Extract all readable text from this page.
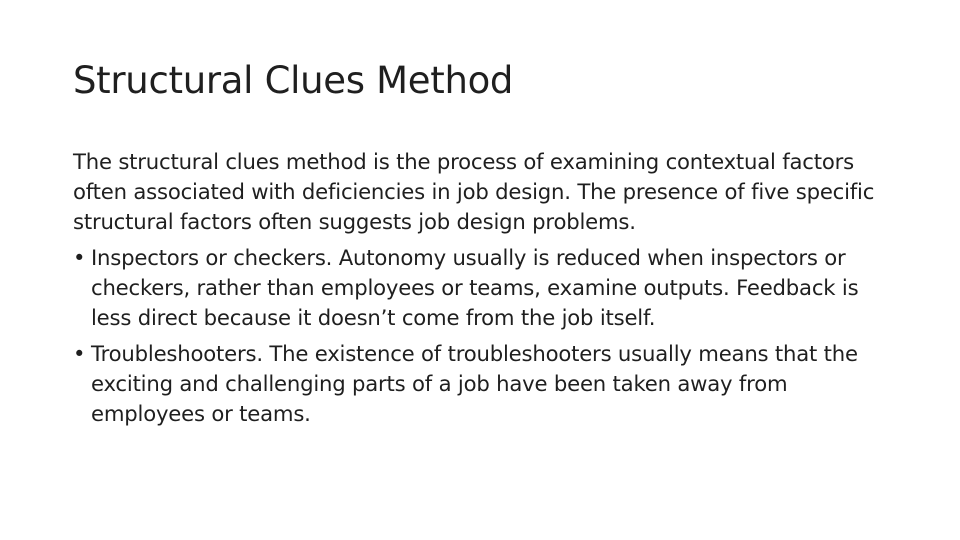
Structural Clues Method

The structural clues method is the process of examining contextual factors often associated with deficiencies in job design. The presence of five specific structural factors often suggests job design problems.

• Inspectors or checkers. Autonomy usually is reduced when inspectors or checkers, rather than employees or teams, examine outputs. Feedback is less direct because it doesn’t come from the job itself.
• Troubleshooters. The existence of troubleshooters usually means that the exciting and challenging parts of a job have been taken away from employees or teams.
